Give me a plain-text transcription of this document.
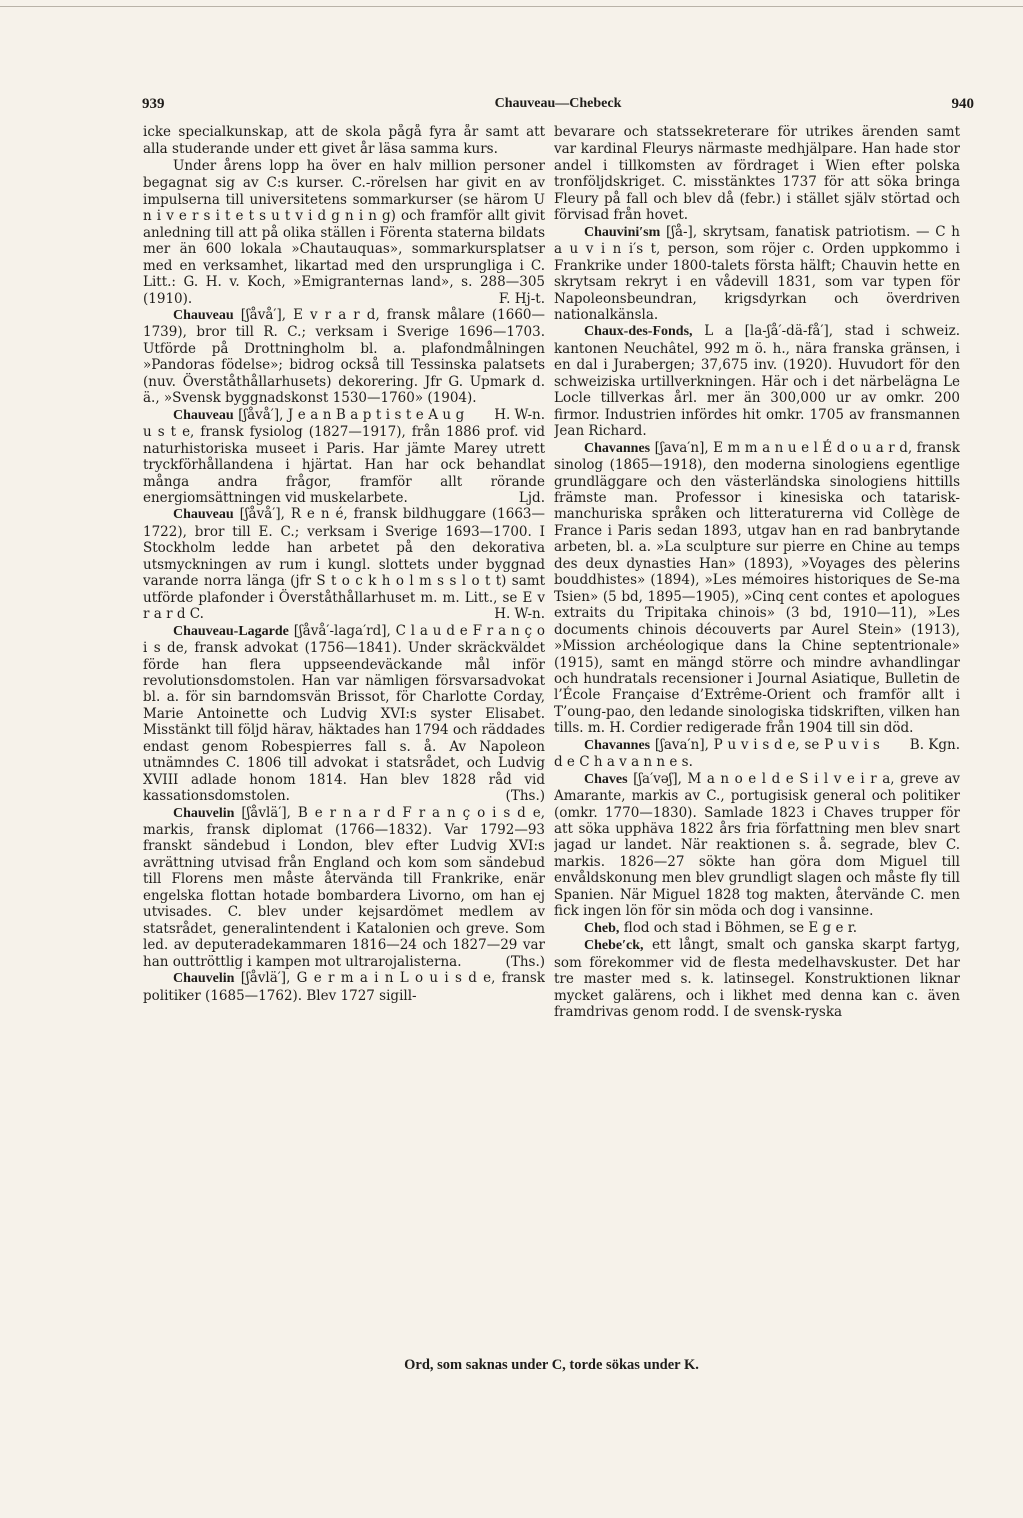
939	Chauveau—Chebeck	940

icke specialkunskap, att de skola pågå fyra år samt att alla studerande under ett givet år läsa samma kurs.

Under årens lopp ha över en halv million personer begagnat sig av C:s kurser. C.-rörelsen har givit en av impulserna till universitetens sommarkurser (se härom U n i v e r s i t e t s u t v i d g n i n g) och framför allt givit anledning till att på olika ställen i Förenta staterna bildats mer än 600 lokala »Chautauquas», sommarkursplatser med en verksamhet, likartad med den ursprungliga i C. Litt.: G. H. v. Koch, »Emigranternas land», s. 288—305 (1910).	F. Hj-t.

Chauveau [ʃåvå′], E v r a r d, fransk målare (1660—1739), bror till R. C.; verksam i Sverige 1696—1703. Utförde på Drottningholm bl. a. plafondmålningen »Pandoras födelse»; bidrog också till Tessinska palatsets (nuv. Överståthållarhusets) dekorering. Jfr G. Upmark d. ä., »Svensk byggnadskonst 1530—1760» (1904).
H. W-n.

Chauveau [ʃåvå′], J e a n B a p t i s t e A u g u s t e, fransk fysiolog (1827—1917), från 1886 prof. vid naturhistoriska museet i Paris. Har jämte Marey utrett tryckförhållandena i hjärtat. Han har ock behandlat många andra frågor, framför allt rörande energiomsättningen vid muskelarbete.	Ljd.

Chauveau [ʃåvå′], R e n é, fransk bildhuggare (1663—1722), bror till E. C.; verksam i Sverige 1693—1700. I Stockholm ledde han arbetet på den dekorativa utsmyckningen av rum i kungl. slottets under byggnad varande norra länga (jfr S t o c k h o l m s s l o t t) samt utförde plafonder i Överståthållarhuset m. m. Litt., se E v r a r d C.	H. W-n.

Chauveau-Lagarde [ʃåvå′-laga′rd], C l a u d e F r a n ç o i s de, fransk advokat (1756—1841). Under skräckväldet förde han flera uppseendeväckande mål inför revolutionsdomstolen. Han var nämligen försvarsadvokat bl. a. för sin barndomsvän Brissot, för Charlotte Corday, Marie Antoinette och Ludvig XVI:s syster Elisabet. Misstänkt till följd härav, häktades han 1794 och räddades endast genom Robespierres fall s. å. Av Napoleon utnämndes C. 1806 till advokat i statsrådet, och Ludvig XVIII adlade honom 1814. Han blev 1828 råd vid kassationsdomstolen.	(Ths.)

Chauvelin [ʃåvlä′], B e r n a r d F r a n ç o i s d e, markis, fransk diplomat (1766—1832). Var 1792—93 franskt sändebud i London, blev efter Ludvig XVI:s avrättning utvisad från England och kom som sändebud till Florens men måste återvända till Frankrike, enär engelska flottan hotade bombardera Livorno, om han ej utvisades. C. blev under kejsardömet medlem av statsrådet, generalintendent i Katalonien och greve. Som led. av deputeradekammaren 1816—24 och 1827—29 var han outtröttlig i kampen mot ultrarojalisterna.	(Ths.)

Chauvelin [ʃåvlä′], G e r m a i n L o u i s d e, fransk politiker (1685—1762). Blev 1727 sigill-

bevarare och statssekreterare för utrikes ärenden samt var kardinal Fleurys närmaste medhjälpare. Han hade stor andel i tillkomsten av fördraget i Wien efter polska tronföljdskriget. C. misstänktes 1737 för att söka bringa Fleury på fall och blev då (febr.) i stället själv störtad och förvisad från hovet.

Chauvini′sm [ʃå-], skrytsam, fanatisk patriotism. — C h a u v i n i′s t, person, som röjer c. Orden uppkommo i Frankrike under 1800-talets första hälft; Chauvin hette en skrytsam rekryt i en vådevill 1831, som var typen för Napoleonsbeundran, krigsdyrkan och överdriven nationalkänsla.

Chaux-des-Fonds, L a [la-ʃå′-dä-få′], stad i schweiz. kantonen Neuchâtel, 992 m ö. h., nära franska gränsen, i en dal i Jurabergen; 37,675 inv. (1920). Huvudort för den schweiziska urtillverkningen. Här och i det närbelägna Le Locle tillverkas årl. mer än 300,000 ur av omkr. 200 firmor. Industrien infördes hit omkr. 1705 av fransmannen Jean Richard.

Chavannes [ʃava′n], E m m a n u e l É d o u a r d, fransk sinolog (1865—1918), den moderna sinologiens egentlige grundläggare och den västerländska sinologiens hittills främste man. Professor i kinesiska och tatarisk-manchuriska språken och litteraturerna vid Collège de France i Paris sedan 1893, utgav han en rad banbrytande arbeten, bl. a. »La sculpture sur pierre en Chine au temps des deux dynasties Han» (1893), »Voyages des pèlerins bouddhistes» (1894), »Les mémoires historiques de Se-ma Tsien» (5 bd, 1895—1905), »Cinq cent contes et apologues extraits du Tripitaka chinois» (3 bd, 1910—11), »Les documents chinois découverts par Aurel Stein» (1913), »Mission archéologique dans la Chine septentrionale» (1915), samt en mängd större och mindre avhandlingar och hundratals recensioner i Journal Asiatique, Bulletin de l’École Française d’Extrême-Orient och framför allt i T’oung-pao, den ledande sinologiska tidskriften, vilken han tills. m. H. Cordier redigerade från 1904 till sin död.
B. Kgn.

Chavannes [ʃava′n], P u v i s d e, se P u v i s d e C h a v a n n e s.

Chaves [ʃa′vəʃ], M a n o e l d e S i l v e i r a, greve av Amarante, markis av C., portugisisk general och politiker (omkr. 1770—1830). Samlade 1823 i Chaves trupper för att söka upphäva 1822 års fria författning men blev snart jagad ur landet. När reaktionen s. å. segrade, blev C. markis. 1826—27 sökte han göra dom Miguel till envåldskonung men blev grundligt slagen och måste fly till Spanien. När Miguel 1828 tog makten, återvände C. men fick ingen lön för sin möda och dog i vansinne.

Cheb, flod och stad i Böhmen, se E g e r.

Chebe′ck, ett långt, smalt och ganska skarpt fartyg, som förekommer vid de flesta medelhavskuster. Det har tre master med s. k. latinsegel. Konstruktionen liknar mycket galärens, och i likhet med denna kan c. även framdrivas genom rodd. I de svensk-ryska

Ord, som saknas under C, torde sökas under K.
